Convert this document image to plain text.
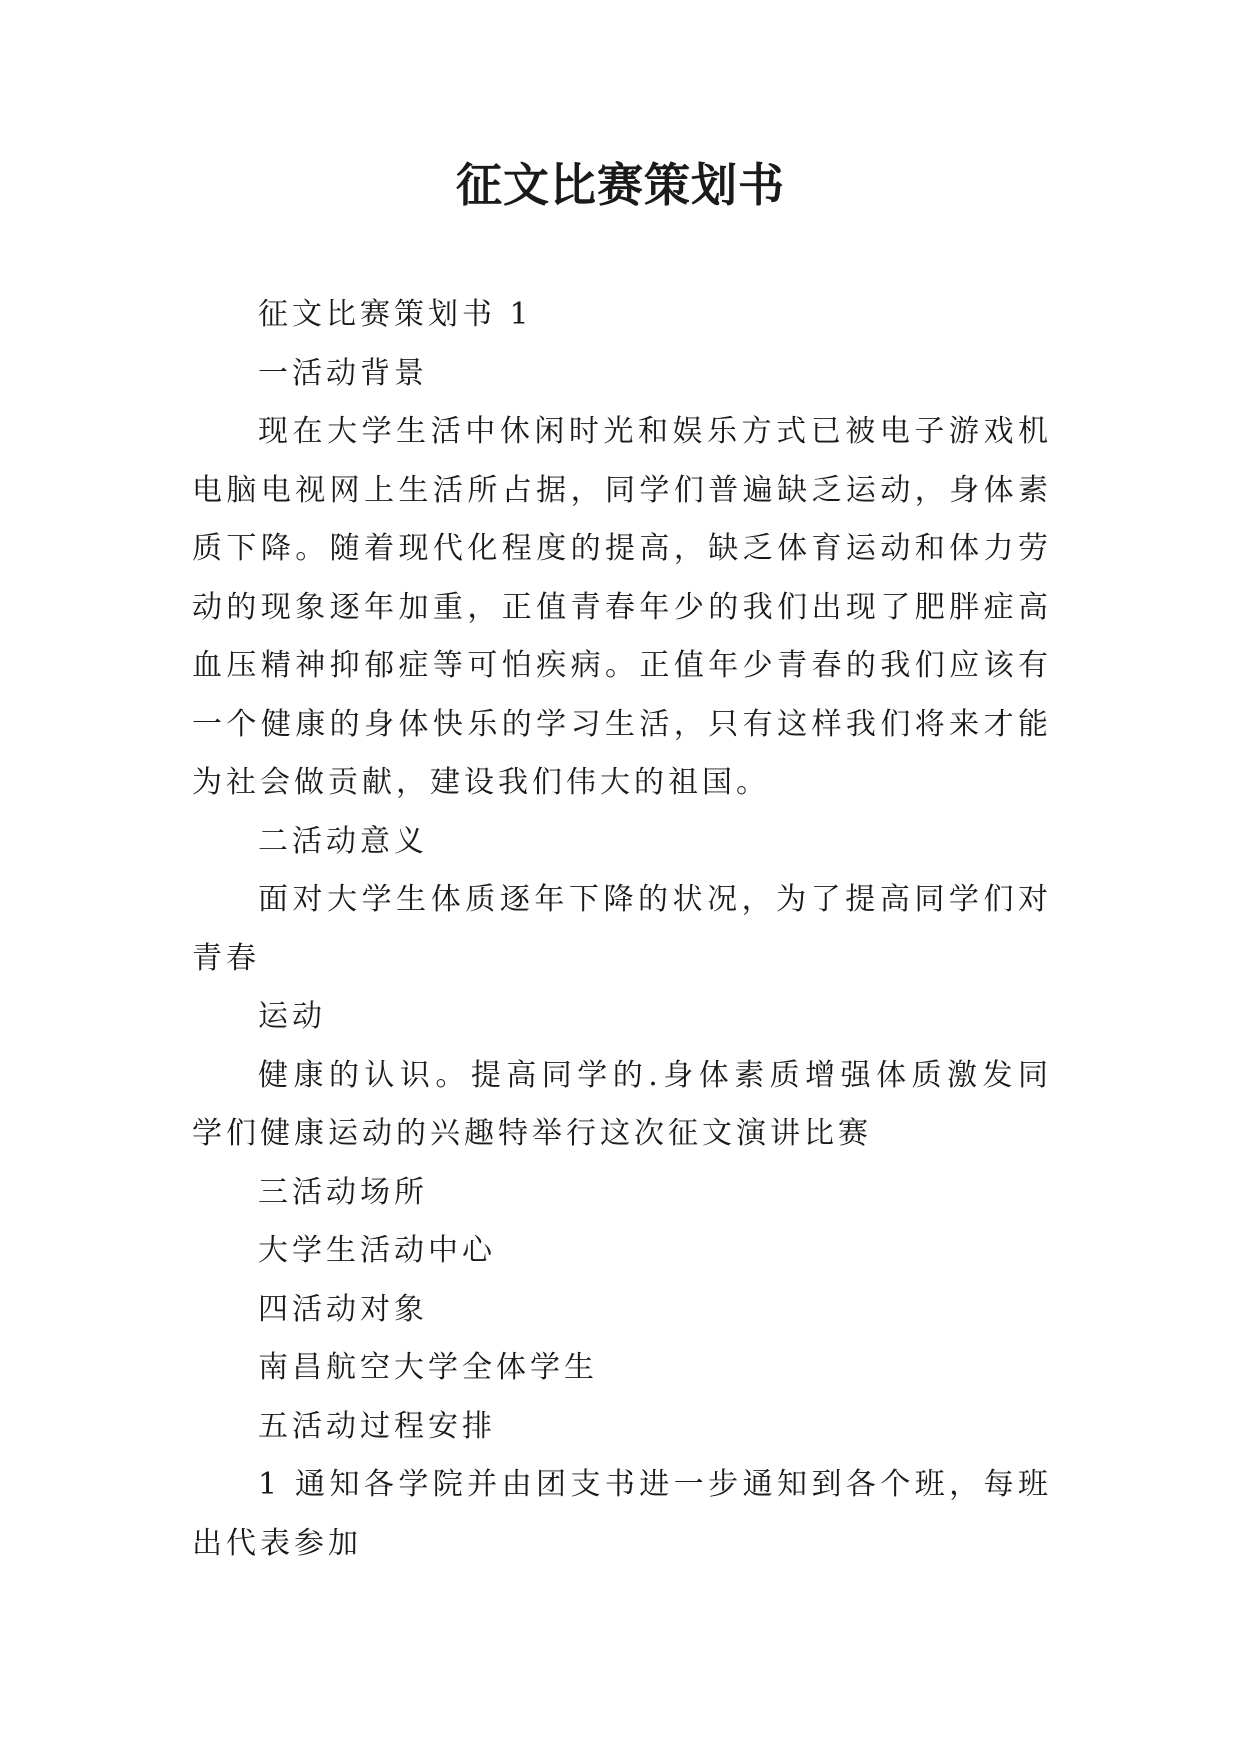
征文比赛策划书

征文比赛策划书 1

一活动背景

现在大学生活中休闲时光和娱乐方式已被电子游戏机电脑电视网上生活所占据，同学们普遍缺乏运动，身体素质下降。随着现代化程度的提高，缺乏体育运动和体力劳动的现象逐年加重，正值青春年少的我们出现了肥胖症高血压精神抑郁症等可怕疾病。正值年少青春的我们应该有一个健康的身体快乐的学习生活，只有这样我们将来才能为社会做贡献，建设我们伟大的祖国。

二活动意义

面对大学生体质逐年下降的状况，为了提高同学们对青春

运动

健康的认识。提高同学的.身体素质增强体质激发同学们健康运动的兴趣特举行这次征文演讲比赛

三活动场所

大学生活动中心

四活动对象

南昌航空大学全体学生

五活动过程安排

1 通知各学院并由团支书进一步通知到各个班，每班出代表参加
